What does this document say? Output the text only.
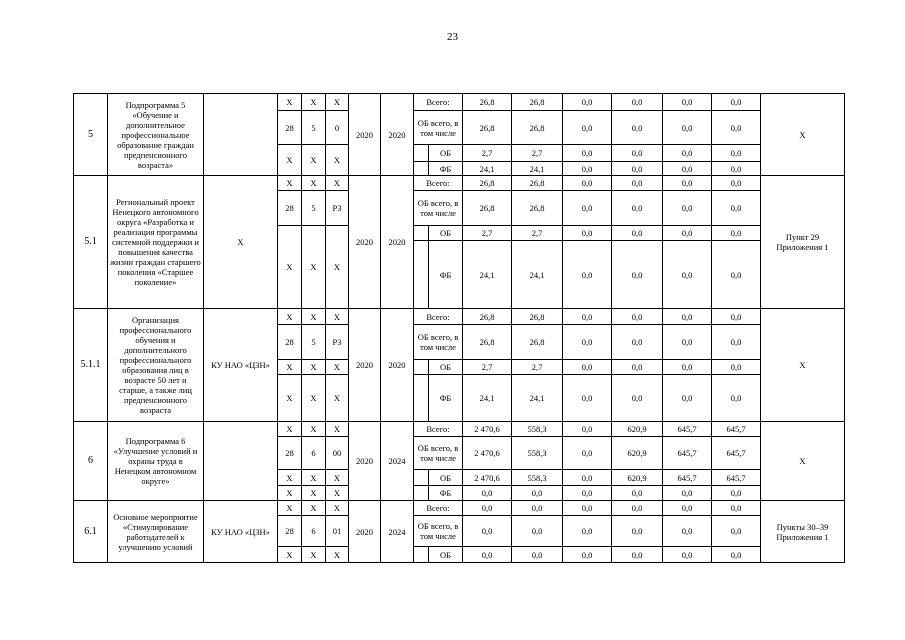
23
5	Подпрограмма 5 «Обучение и дополнительное профессиональное образование граждан предпенсионного возраста»		X	X	X	2020	2020	Всего:		26,8	26,8	0,0	0,0	0,0	0,0	X
			28	5	0			ОБ всего, в том числе		26,8	26,8	0,0	0,0	0,0	0,0	
			X	X	X				ОБ	2,7	2,7	0,0	0,0	0,0	0,0	
									ФБ	24,1	24,1	0,0	0,0	0,0	0,0	
5.1	Региональный проект Ненецкого автономного округа «Разработка и реализация программы системной поддержки и повышения качества жизни граждан старшего поколения «Старшее поколение»	X	X	X	X	2020	2020	Всего:		26,8	26,8	0,0	0,0	0,0	0,0	Пункт 29 Приложения 1
			28	5	P3			ОБ всего, в том числе		26,8	26,8	0,0	0,0	0,0	0,0	
			X	X	X				ОБ	2,7	2,7	0,0	0,0	0,0	0,0	
									ФБ	24,1	24,1	0,0	0,0	0,0	0,0	
5.1.1	Организация профессионального обучения и дополнительного профессионального образования лиц в возрасте 50 лет и старше, а также лиц предпенсионного возраста	КУ НАО «ЦЗН»	X	X	X	2020	2020	Всего:		26,8	26,8	0,0	0,0	0,0	0,0	X
			28	5	P3			ОБ всего, в том числе		26,8	26,8	0,0	0,0	0,0	0,0	
			X	X	X				ОБ	2,7	2,7	0,0	0,0	0,0	0,0	
			X	X	X				ФБ	24,1	24,1	0,0	0,0	0,0	0,0	
6	Подпрограмма 6 «Улучшение условий и охраны труда в Ненецком автономном округе»		X	X	X	2020	2024	Всего:		2 470,6	558,3	0,0	620,9	645,7	645,7	X
			28	6	00			ОБ всего, в том числе		2 470,6	558,3	0,0	620,9	645,7	645,7	
			X	X	X				ОБ	2 470,6	558,3	0,0	620,9	645,7	645,7	
			X	X	X				ФБ	0,0	0,0	0,0	0,0	0,0	0,0	
6.1	Основное мероприятие «Стимулирование работодателей к улучшению условий	КУ НАО «ЦЗН»	X	X	X	2020	2024	Всего:		0,0	0,0	0,0	0,0	0,0	0,0	Пункты 30–39 Приложения 1
			28	6	01			ОБ всего, в том числе		0,0	0,0	0,0	0,0	0,0	0,0	
			X	X	X				ОБ	0,0	0,0	0,0	0,0	0,0	0,0	
